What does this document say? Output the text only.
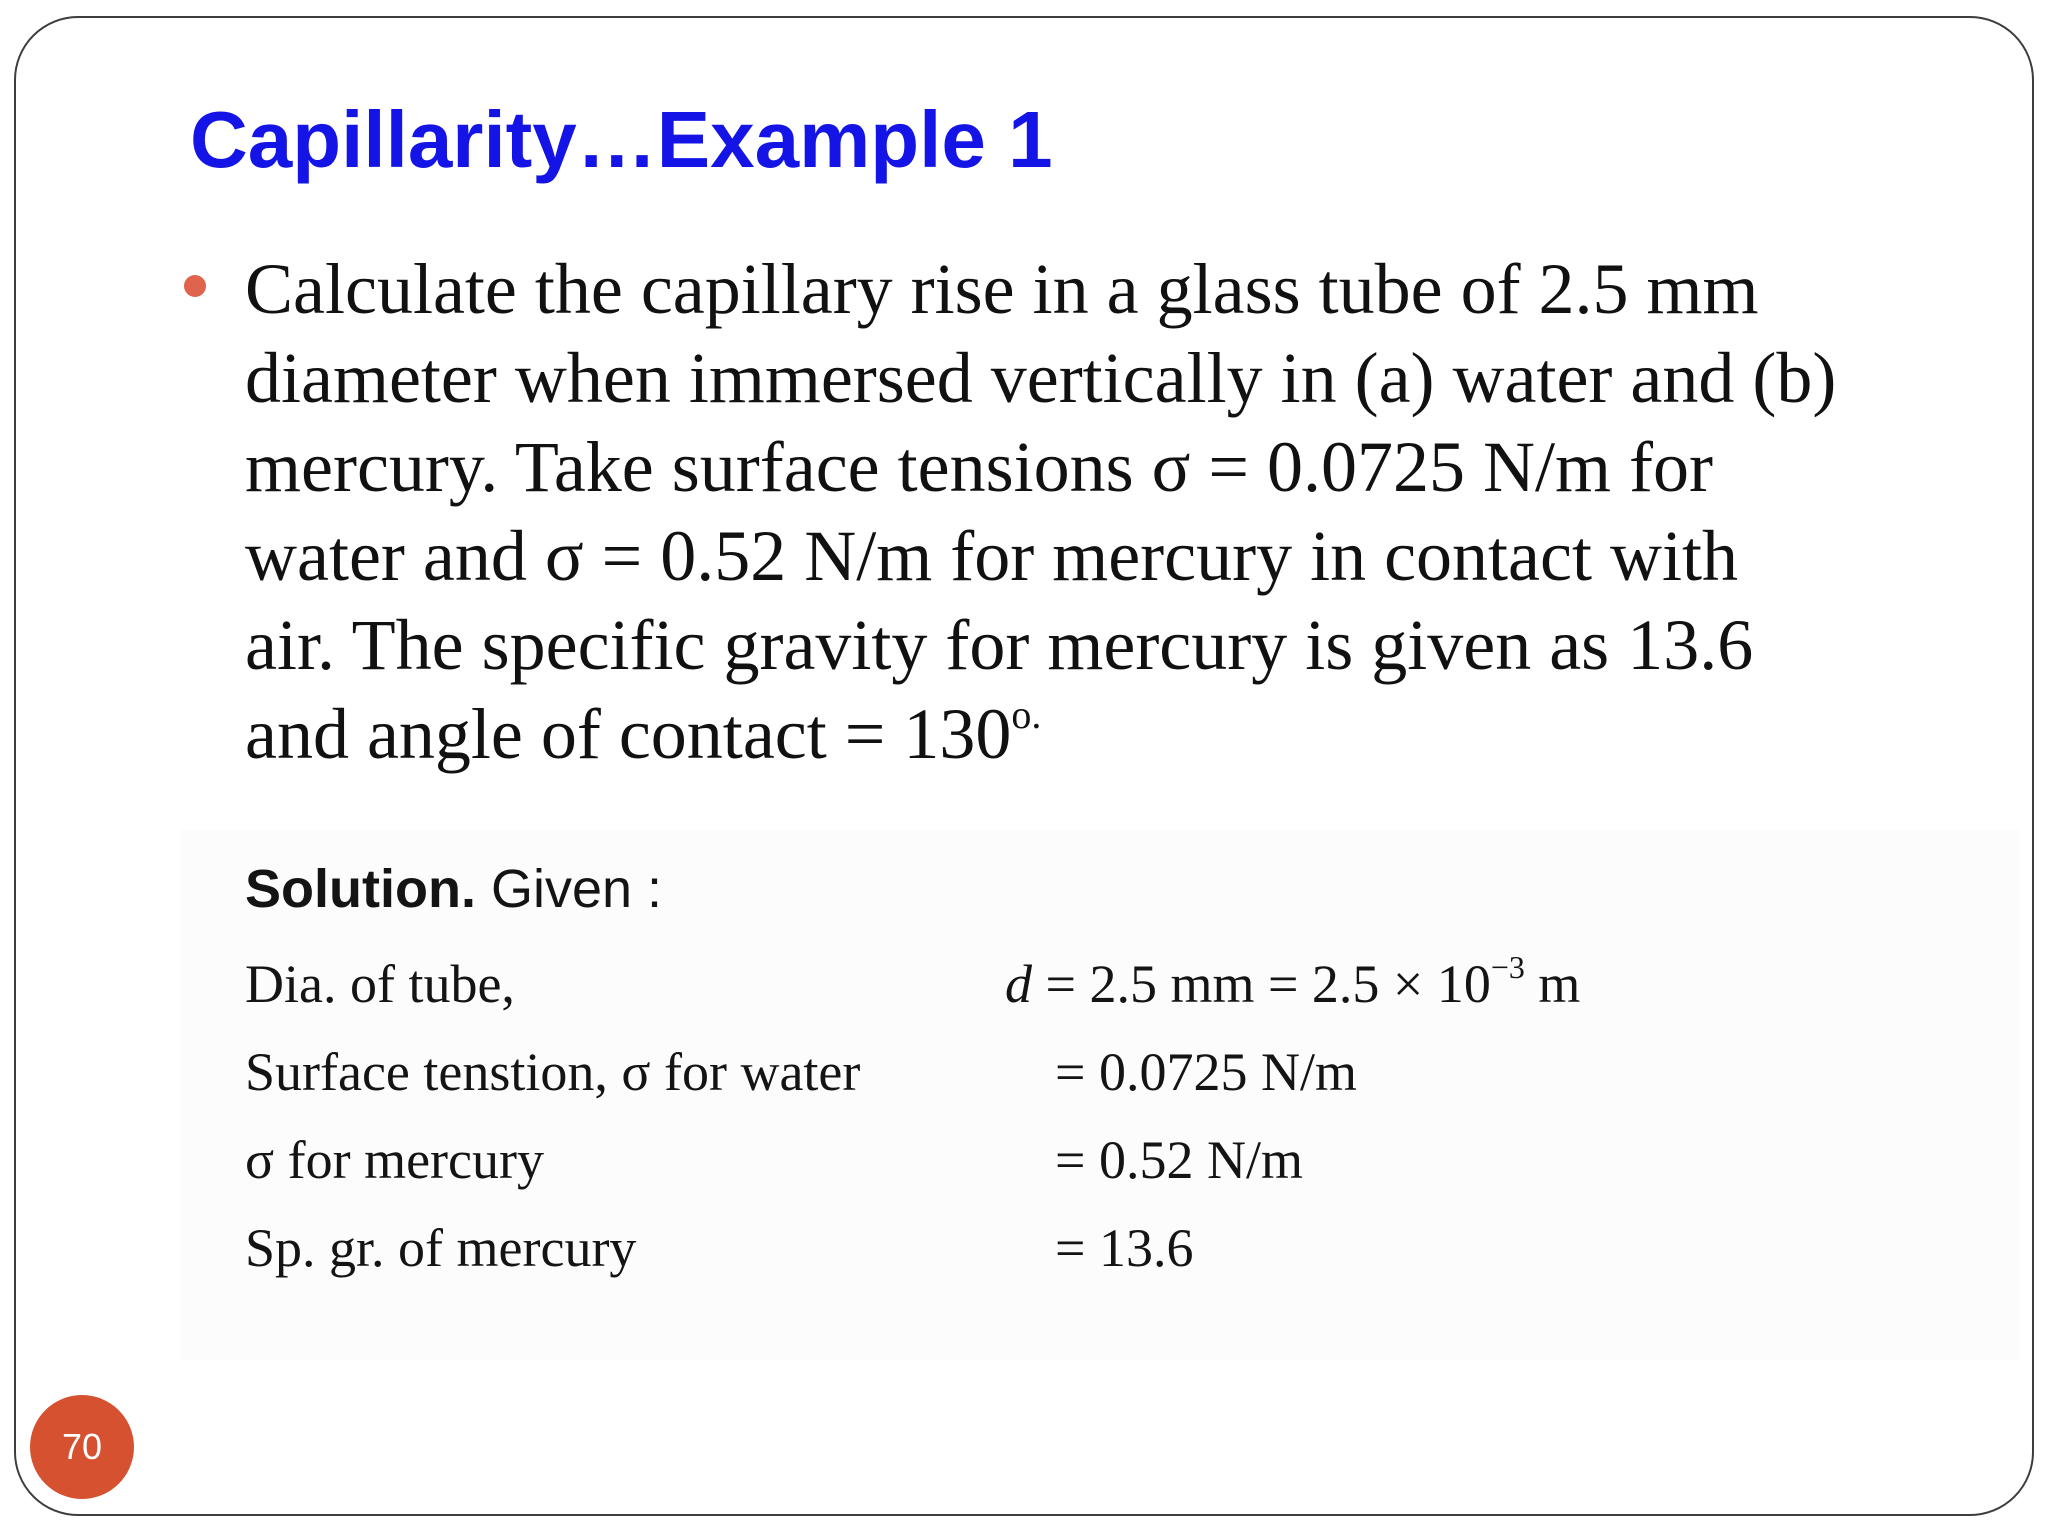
Capillarity…Example 1
Calculate the capillary rise in a glass tube of 2.5 mm
diameter when immersed vertically in (a) water and (b)
mercury. Take surface tensions σ = 0.0725 N/m for
water and σ = 0.52 N/m for mercury in contact with
air. The specific gravity for mercury is given as 13.6
and angle of contact = $130^{o.}$
Solution. Given :
Dia. of tube,	d = 2.5 mm = $2.5 \times 10^{-3}$ m
Surface tenstion, σ for water	= 0.0725 N/m
σ for mercury	= 0.52 N/m
Sp. gr. of mercury	= 13.6
70
